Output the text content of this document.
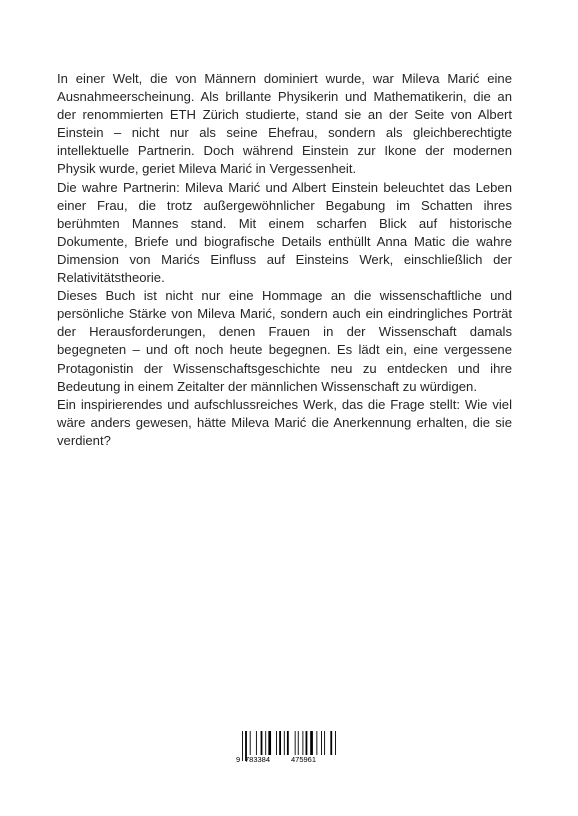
In einer Welt, die von Männern dominiert wurde, war Mileva Marić eine Ausnahmeerscheinung. Als brillante Physikerin und Mathematikerin, die an der renommierten ETH Zürich studierte, stand sie an der Seite von Albert Einstein – nicht nur als seine Ehefrau, sondern als gleichberechtigte intellektuelle Partnerin. Doch während Einstein zur Ikone der modernen Physik wurde, geriet Mileva Marić in Vergessenheit.

Die wahre Partnerin: Mileva Marić und Albert Einstein beleuchtet das Leben einer Frau, die trotz außergewöhnlicher Begabung im Schatten ihres berühmten Mannes stand. Mit einem scharfen Blick auf historische Dokumente, Briefe und biografische Details enthüllt Anna Matic die wahre Dimension von Marićs Einfluss auf Einsteins Werk, einschließlich der Relativitätstheorie.

Dieses Buch ist nicht nur eine Hommage an die wissenschaftliche und persönliche Stärke von Mileva Marić, sondern auch ein eindringliches Porträt der Herausforderungen, denen Frauen in der Wissenschaft damals begegneten – und oft noch heute begegnen. Es lädt ein, eine vergessene Protagonistin der Wissenschaftsgeschichte neu zu entdecken und ihre Bedeutung in einem Zeitalter der männlichen Wissenschaft zu würdigen.

Ein inspirierendes und aufschlussreiches Werk, das die Frage stellt: Wie viel wäre anders gewesen, hätte Mileva Marić die Anerkennung erhalten, die sie verdient?

9 783384	475961
